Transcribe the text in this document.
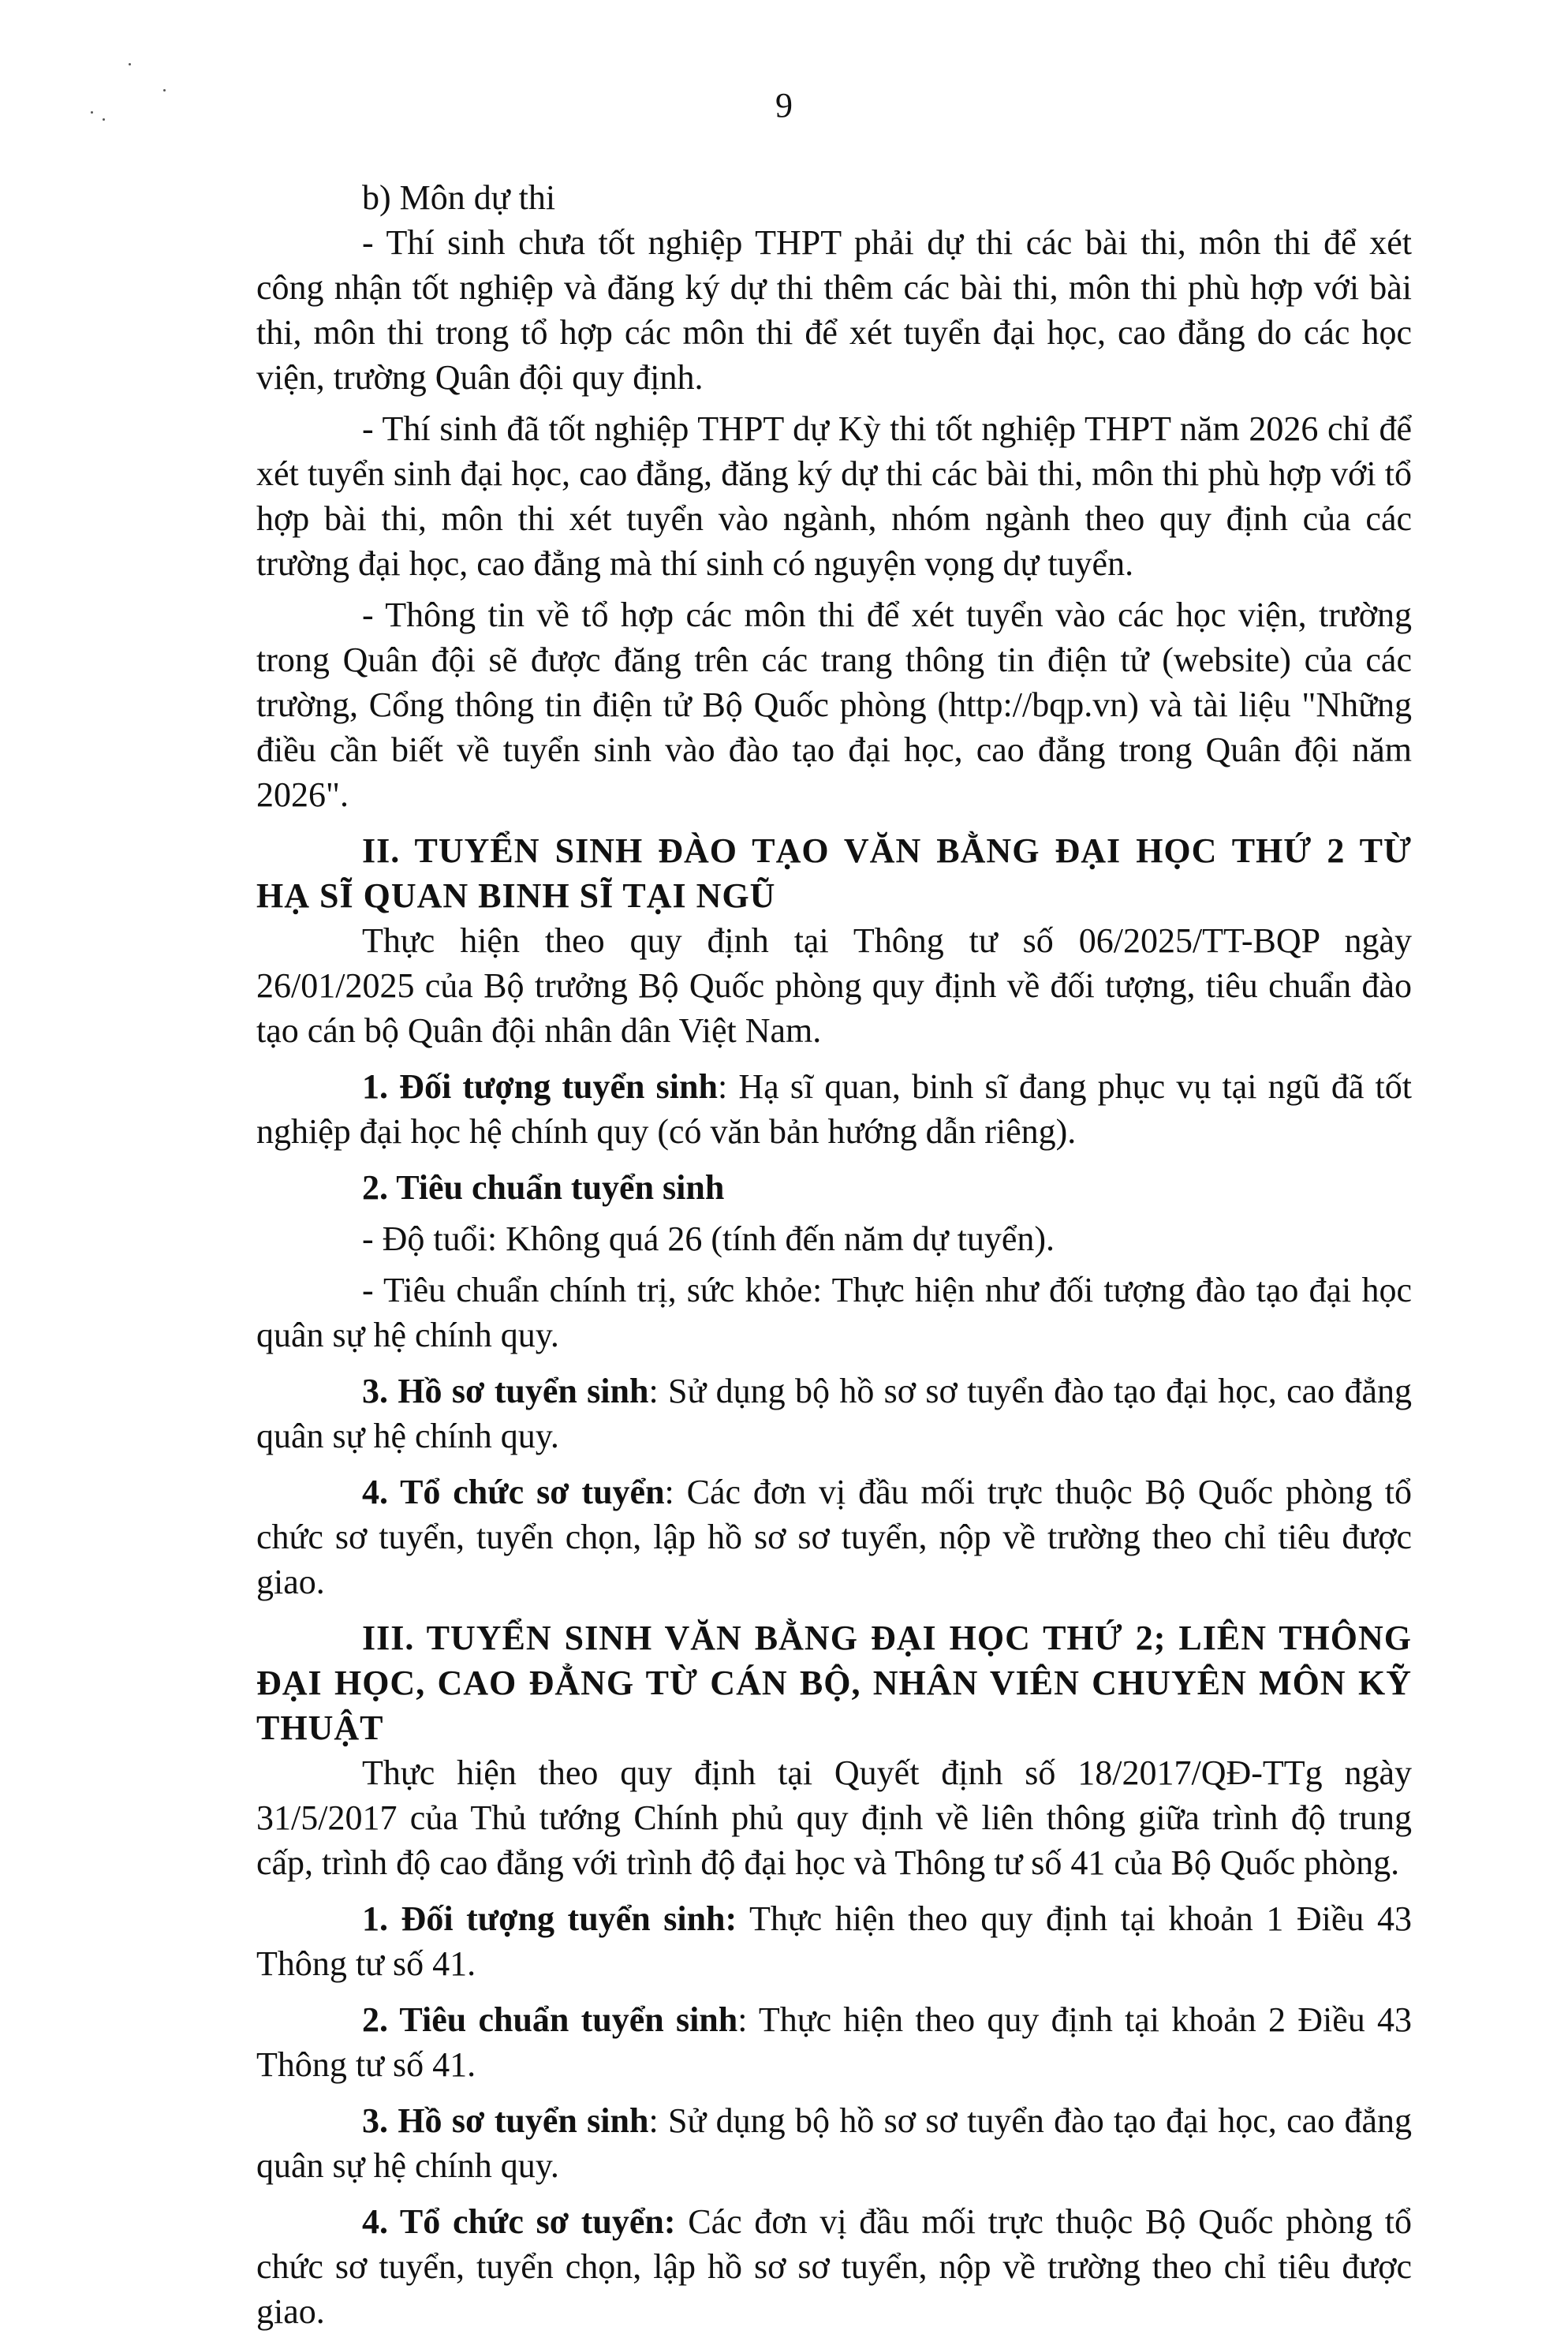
9

b) Môn dự thi

- Thí sinh chưa tốt nghiệp THPT phải dự thi các bài thi, môn thi để xét công nhận tốt nghiệp và đăng ký dự thi thêm các bài thi, môn thi phù hợp với bài thi, môn thi trong tổ hợp các môn thi để xét tuyển đại học, cao đẳng do các học viện, trường Quân đội quy định.

- Thí sinh đã tốt nghiệp THPT dự Kỳ thi tốt nghiệp THPT năm 2026 chỉ để xét tuyển sinh đại học, cao đẳng, đăng ký dự thi các bài thi, môn thi phù hợp với tổ hợp bài thi, môn thi xét tuyển vào ngành, nhóm ngành theo quy định của các trường đại học, cao đẳng mà thí sinh có nguyện vọng dự tuyển.

- Thông tin về tổ hợp các môn thi để xét tuyển vào các học viện, trường trong Quân đội sẽ được đăng trên các trang thông tin điện tử (website) của các trường, Cổng thông tin điện tử Bộ Quốc phòng (http://bqp.vn) và tài liệu "Những điều cần biết về tuyển sinh vào đào tạo đại học, cao đẳng trong Quân đội năm 2026".

II. TUYỂN SINH ĐÀO TẠO VĂN BẰNG ĐẠI HỌC THỨ 2 TỪ HẠ SĨ QUAN BINH SĨ TẠI NGŨ

Thực hiện theo quy định tại Thông tư số 06/2025/TT-BQP ngày 26/01/2025 của Bộ trưởng Bộ Quốc phòng quy định về đối tượng, tiêu chuẩn đào tạo cán bộ Quân đội nhân dân Việt Nam.

1. Đối tượng tuyển sinh: Hạ sĩ quan, binh sĩ đang phục vụ tại ngũ đã tốt nghiệp đại học hệ chính quy (có văn bản hướng dẫn riêng).

2. Tiêu chuẩn tuyển sinh

- Độ tuổi: Không quá 26 (tính đến năm dự tuyển).

- Tiêu chuẩn chính trị, sức khỏe: Thực hiện như đối tượng đào tạo đại học quân sự hệ chính quy.

3. Hồ sơ tuyển sinh: Sử dụng bộ hồ sơ sơ tuyển đào tạo đại học, cao đẳng quân sự hệ chính quy.

4. Tổ chức sơ tuyển: Các đơn vị đầu mối trực thuộc Bộ Quốc phòng tổ chức sơ tuyển, tuyển chọn, lập hồ sơ sơ tuyển, nộp về trường theo chỉ tiêu được giao.

III. TUYỂN SINH VĂN BẰNG ĐẠI HỌC THỨ 2; LIÊN THÔNG ĐẠI HỌC, CAO ĐẲNG TỪ CÁN BỘ, NHÂN VIÊN CHUYÊN MÔN KỸ THUẬT

Thực hiện theo quy định tại Quyết định số 18/2017/QĐ-TTg ngày 31/5/2017 của Thủ tướng Chính phủ quy định về liên thông giữa trình độ trung cấp, trình độ cao đẳng với trình độ đại học và Thông tư số 41 của Bộ Quốc phòng.

1. Đối tượng tuyển sinh: Thực hiện theo quy định tại khoản 1 Điều 43 Thông tư số 41.

2. Tiêu chuẩn tuyển sinh: Thực hiện theo quy định tại khoản 2 Điều 43 Thông tư số 41.

3. Hồ sơ tuyển sinh: Sử dụng bộ hồ sơ sơ tuyển đào tạo đại học, cao đẳng quân sự hệ chính quy.

4. Tổ chức sơ tuyển: Các đơn vị đầu mối trực thuộc Bộ Quốc phòng tổ chức sơ tuyển, tuyển chọn, lập hồ sơ sơ tuyển, nộp về trường theo chỉ tiêu được giao.
